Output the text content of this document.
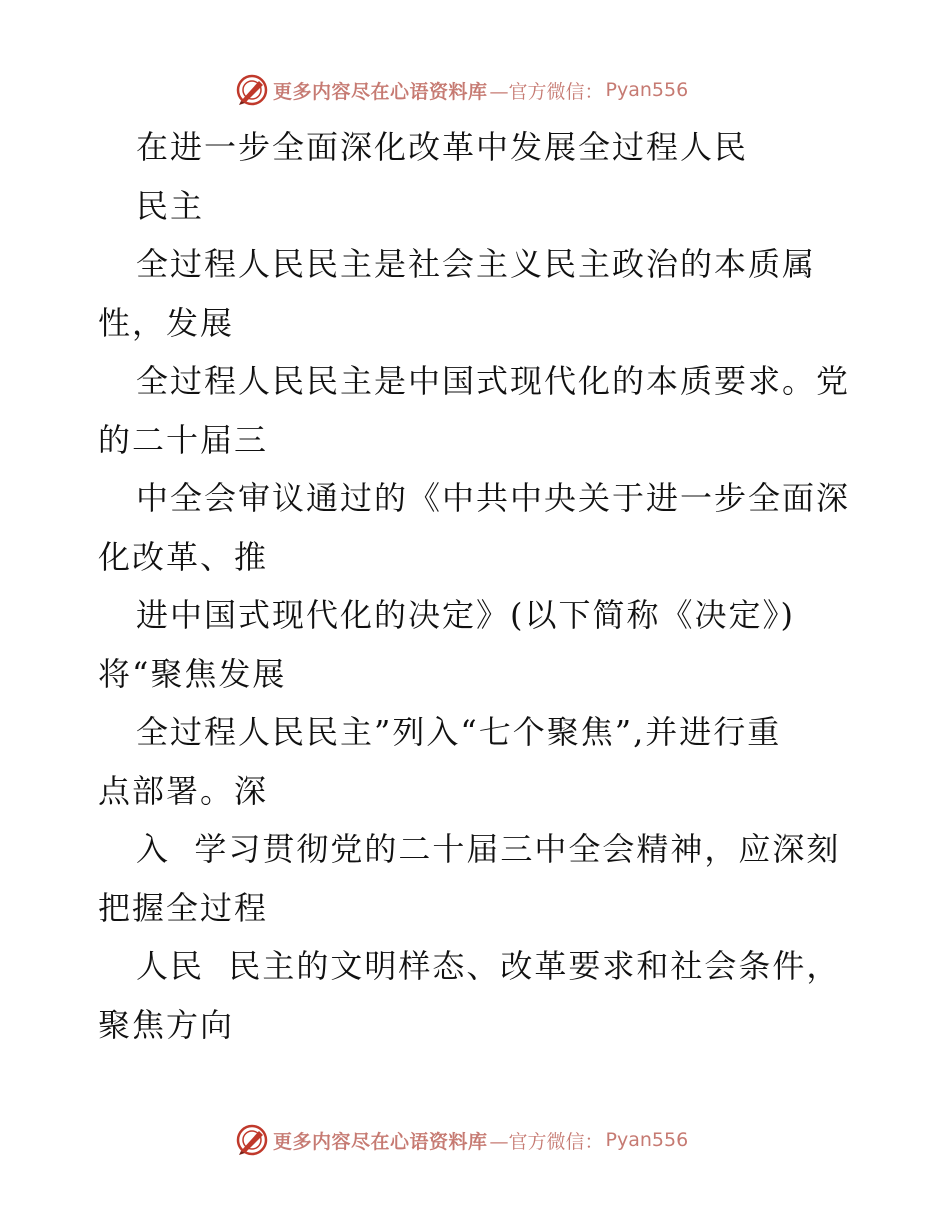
更多内容尽在心语资料库 —官方微信： Pyan556
在进一步全面深化改革中发展全过程人民
民主
全过程人民民主是社会主义民主政治的本质属
性，发展
全过程人民民主是中国式现代化的本质要求。党
的二十届三
中全会审议通过的《中共中央关于进一步全面深
化改革、推
进中国式现代化的决定》(以下简称《决定》)
将“聚焦发展
全过程人民民主”列入“七个聚焦”,并进行重
点部署。深
入  学习贯彻党的二十届三中全会精神，应深刻
把握全过程
人民  民主的文明样态、改革要求和社会条件，
聚焦方向
更多内容尽在心语资料库 —官方微信： Pyan556
